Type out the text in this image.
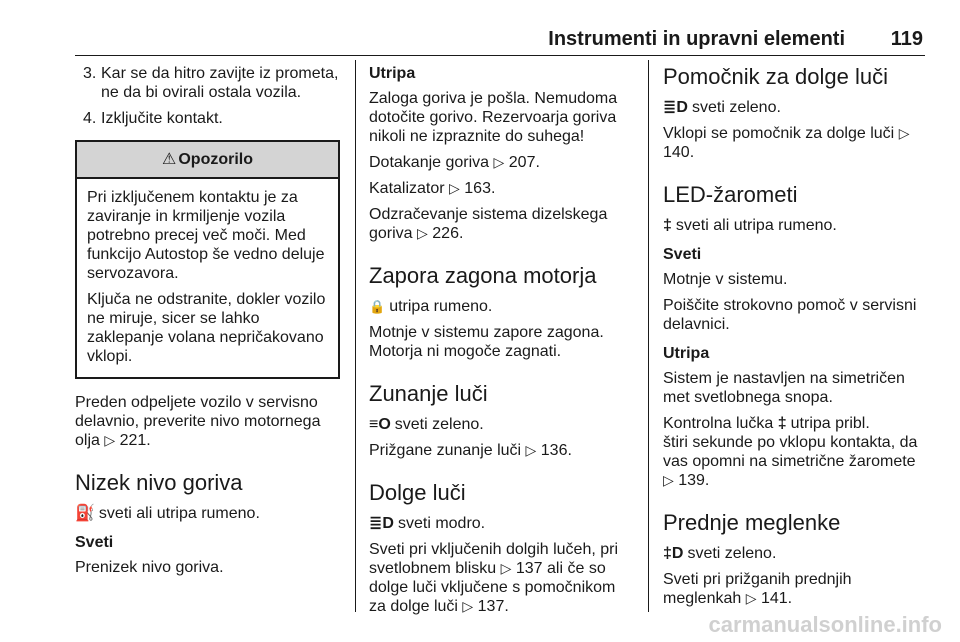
Instrumenti in upravni elementi 119
3. Kar se da hitro zavijte iz prometa, ne da bi ovirali ostala vozila.
4. Izključite kontakt.
⚠ Opozorilo

Pri izključenem kontaktu je za zaviranje in krmiljenje vozila potrebno precej več moči. Med funkcijo Autostop še vedno deluje servozavora.

Ključa ne odstranite, dokler vozilo ne miruje, sicer se lahko zaklepanje volana nepričakovano vklopi.

Preden odpeljete vozilo v servisno delavnio, preverite nivo motornega olja ▷ 221.

Nizek nivo goriva

⛽ sveti ali utripa rumeno.

Sveti

Prenizek nivo goriva.

Utripa

Zaloga goriva je pošla. Nemudoma dotočite gorivo. Rezervoarja goriva nikoli ne izpraznite do suhega!

Dotakanje goriva ▷ 207.

Katalizator ▷ 163.

Odzračevanje sistema dizelskega goriva ▷ 226.

Zapora zagona motorja

🔒 utripa rumeno.

Motnje v sistemu zapore zagona. Motorja ni mogoče zagnati.

Zunanje luči

≡O sveti zeleno.

Prižgane zunanje luči ▷ 136.

Dolge luči

≣D sveti modro.

Sveti pri vključenih dolgih lučeh, pri svetlobnem blisku ▷ 137 ali če so dolge luči vključene s pomočnikom za dolge luči ▷ 137.

Pomočnik za dolge luči

≣D sveti zeleno.

Vklopi se pomočnik za dolge luči ▷ 140.

LED-žarometi

‡ sveti ali utripa rumeno.

Sveti

Motnje v sistemu.

Poiščite strokovno pomoč v servisni delavnici.

Utripa

Sistem je nastavljen na simetričen met svetlobnega snopa.

Kontrolna lučka ‡ utripa pribl.

štiri sekunde po vklopu kontakta, da vas opomni na simetrične žaromete ▷ 139.

Prednje meglenke

‡D sveti zeleno.

Sveti pri prižganih prednjih meglenkah ▷ 141.

carmanualsonline.info
